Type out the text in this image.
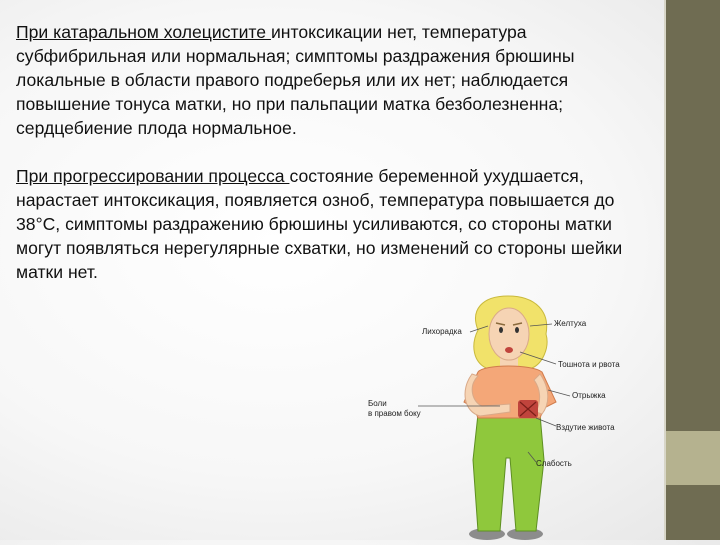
При катаральном холецистите интоксикации нет, температура субфибрильная или нормальная; симптомы раздражения брюшины локальные в области правого подреберья или их нет; наблюдается повышение тонуса матки, но при пальпации матка безболезненна; сердцебиение плода нормальное.

При прогрессировании процесса состояние беременной ухудшается, нарастает интоксикация, появляется озноб, температура повышается до 38°С, симптомы раздражению брюшины усиливаются, со стороны матки могут появляться нерегулярные схватки, но изменений со стороны шейки матки нет.

Лихорадка
Желтуха
Тошнота и рвота
Отрыжка
Боли
в правом боку
Вздутие живота
Слабость
